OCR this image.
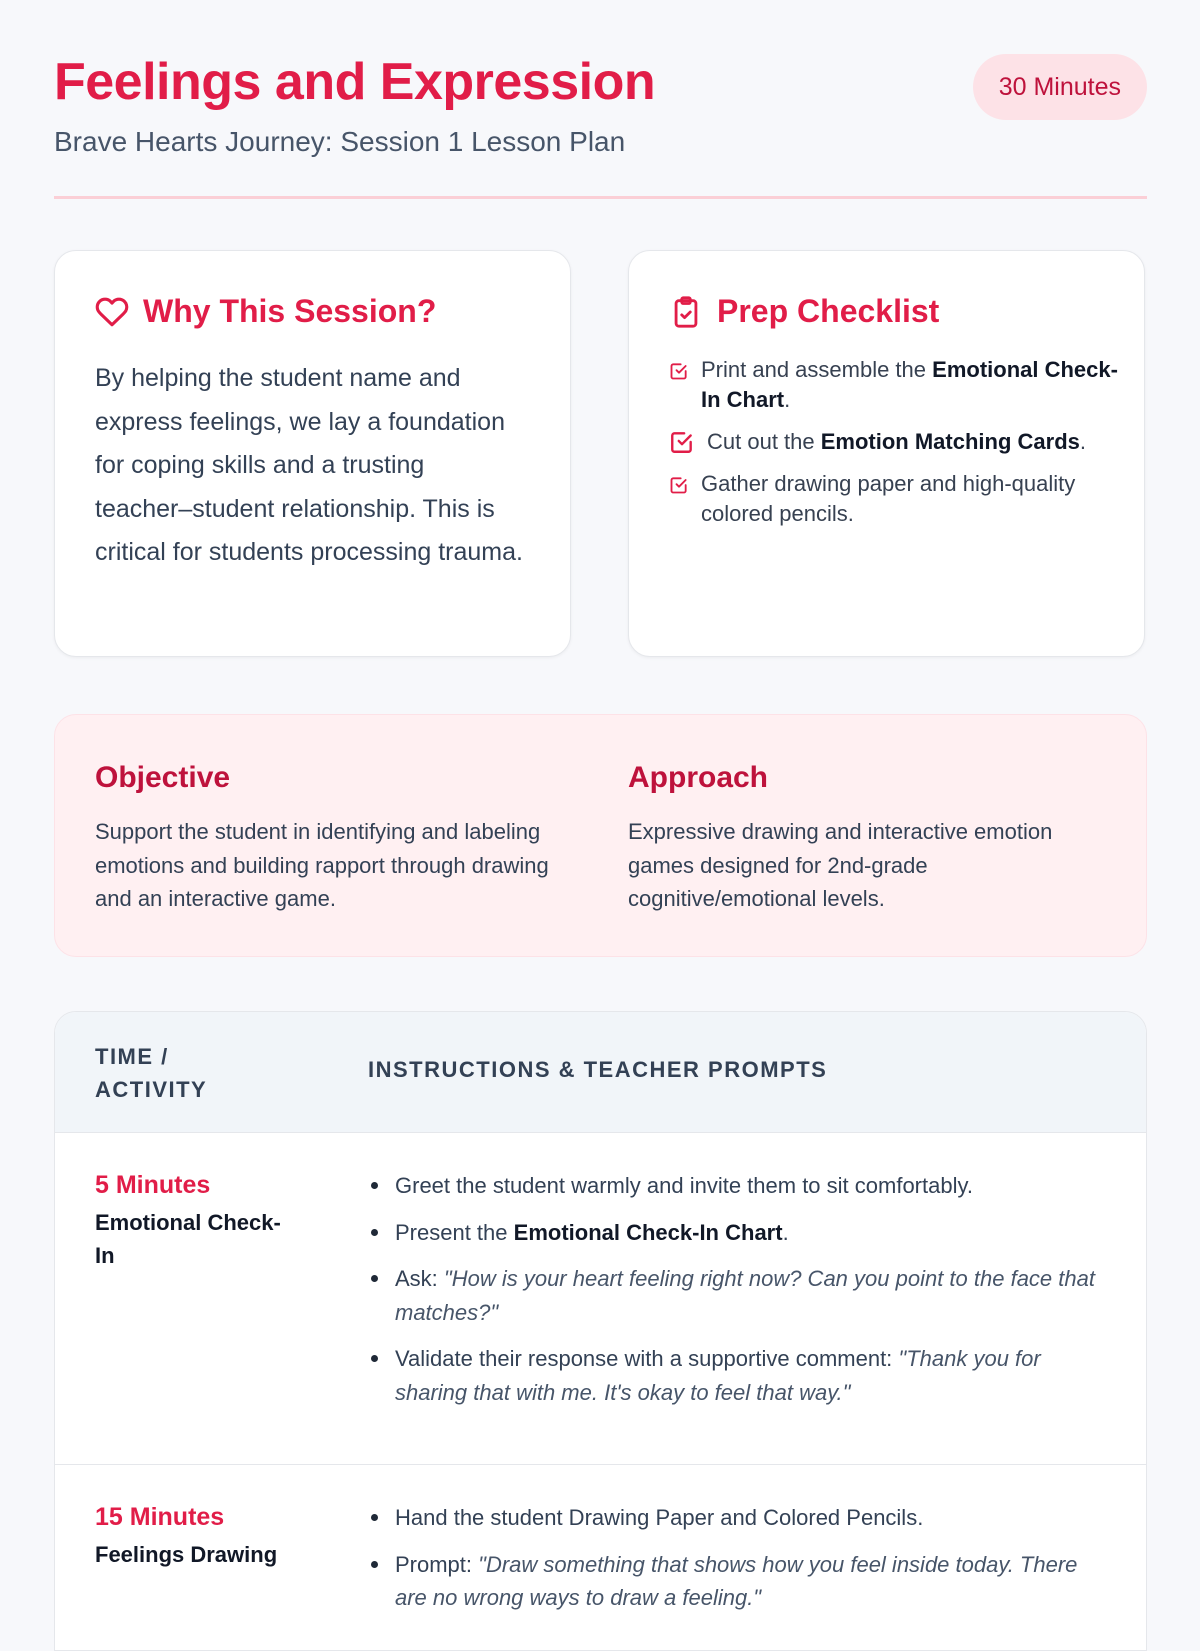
Feelings and Expression

Brave Hearts Journey: Session 1 Lesson Plan

30 Minutes
Why This Session?

By helping the student name and express feelings, we lay a foundation for coping skills and a trusting teacher–student relationship. This is critical for students processing trauma.

Prep Checklist
Print and assemble the Emotional Check-In Chart.
Cut out the Emotion Matching Cards.
Gather drawing paper and high-quality colored pencils.
Objective

Support the student in identifying and labeling emotions and building rapport through drawing and an interactive game.

Approach

Expressive drawing and interactive emotion games designed for 2nd-grade cognitive/emotional levels.

TIME / ACTIVITY
INSTRUCTIONS & TEACHER PROMPTS
5 Minutes
Emotional Check-In
Greet the student warmly and invite them to sit comfortably.
Present the Emotional Check-In Chart.
Ask: "How is your heart feeling right now? Can you point to the face that matches?"
Validate their response with a supportive comment: "Thank you for sharing that with me. It's okay to feel that way."
15 Minutes
Feelings Drawing
Hand the student Drawing Paper and Colored Pencils.
Prompt: "Draw something that shows how you feel inside today. There are no wrong ways to draw a feeling."
